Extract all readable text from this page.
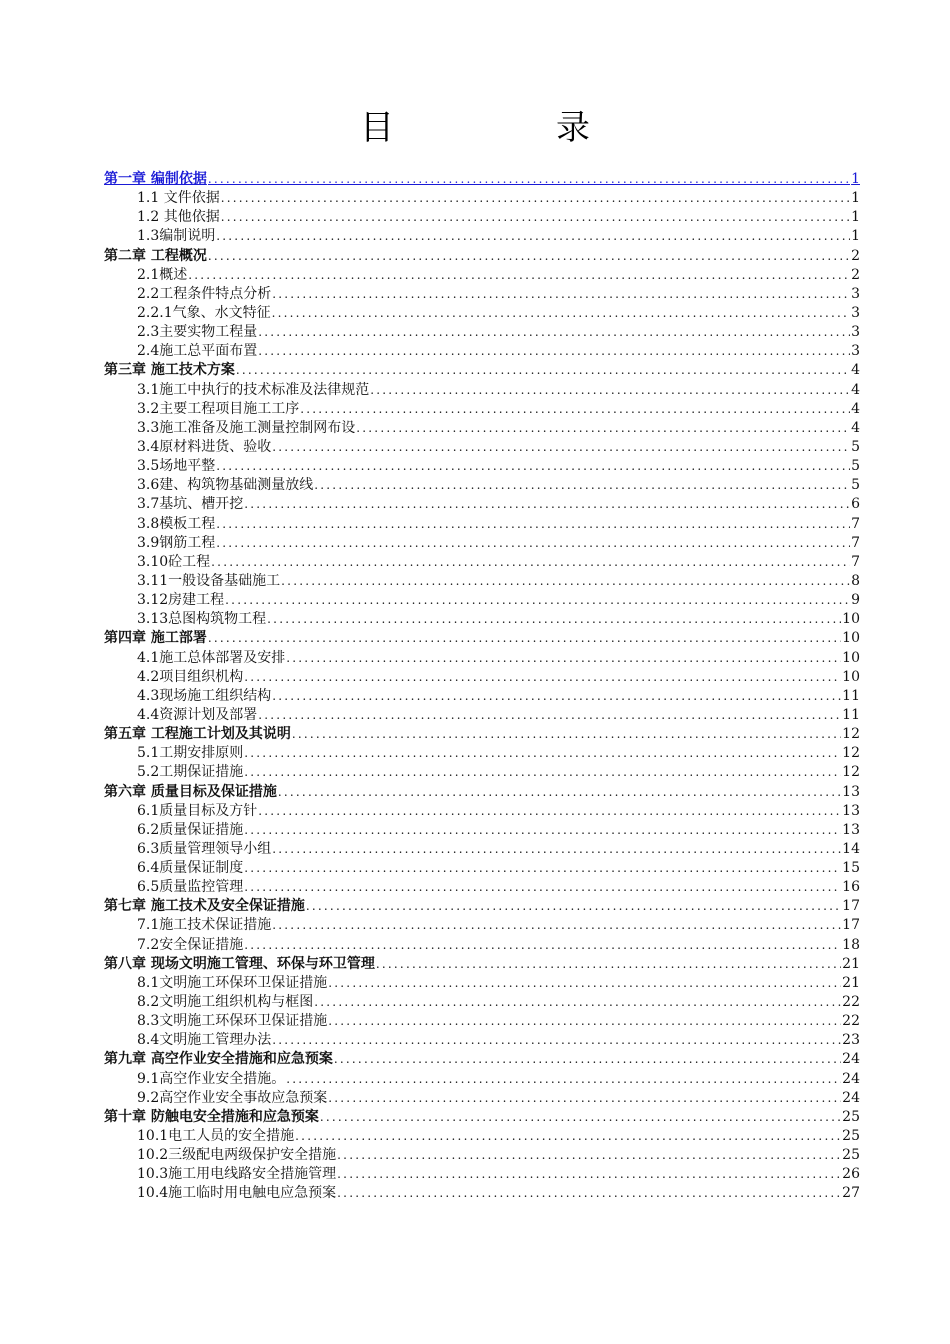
目　录
第一章 编制依据 .....	1
1.1 文件依据 .....	1
1.2 其他依据 .....	1
1.3编制说明 .....	1
第二章 工程概况 .....	2
2.1概述 .....	2
2.2工程条件特点分析 .....	3
2.2.1气象、水文特征 .....	3
2.3主要实物工程量 .....	3
2.4施工总平面布置 .....	3
第三章 施工技术方案 .....	4
3.1施工中执行的技术标准及法律规范 .....	4
3.2主要工程项目施工工序 .....	4
3.3施工准备及施工测量控制网布设 .....	4
3.4原材料进货、验收 .....	5
3.5场地平整 .....	5
3.6建、构筑物基础测量放线 .....	5
3.7基坑、槽开挖 .....	6
3.8模板工程 .....	7
3.9钢筋工程 .....	7
3.10砼工程 .....	7
3.11一般设备基础施工 .....	8
3.12房建工程 .....	9
3.13总图构筑物工程 .....	10
第四章 施工部署 .....	10
4.1施工总体部署及安排 .....	10
4.2项目组织机构 .....	10
4.3现场施工组织结构 .....	11
4.4资源计划及部署 .....	11
第五章 工程施工计划及其说明 .....	12
5.1工期安排原则 .....	12
5.2工期保证措施 .....	12
第六章 质量目标及保证措施 .....	13
6.1质量目标及方针 .....	13
6.2质量保证措施 .....	13
6.3质量管理领导小组 .....	14
6.4质量保证制度 .....	15
6.5质量监控管理 .....	16
第七章 施工技术及安全保证措施 .....	17
7.1施工技术保证措施 .....	17
7.2安全保证措施 .....	18
第八章 现场文明施工管理、环保与环卫管理 .....	21
8.1文明施工环保环卫保证措施 .....	21
8.2文明施工组织机构与框图 .....	22
8.3文明施工环保环卫保证措施 .....	22
8.4文明施工管理办法 .....	23
第九章 高空作业安全措施和应急预案 .....	24
9.1高空作业安全措施。 .....	24
9.2高空作业安全事故应急预案 .....	24
第十章 防触电安全措施和应急预案 .....	25
10.1电工人员的安全措施 .....	25
10.2三级配电两级保护安全措施 .....	25
10.3施工用电线路安全措施管理 .....	26
10.4施工临时用电触电应急预案 .....	27
